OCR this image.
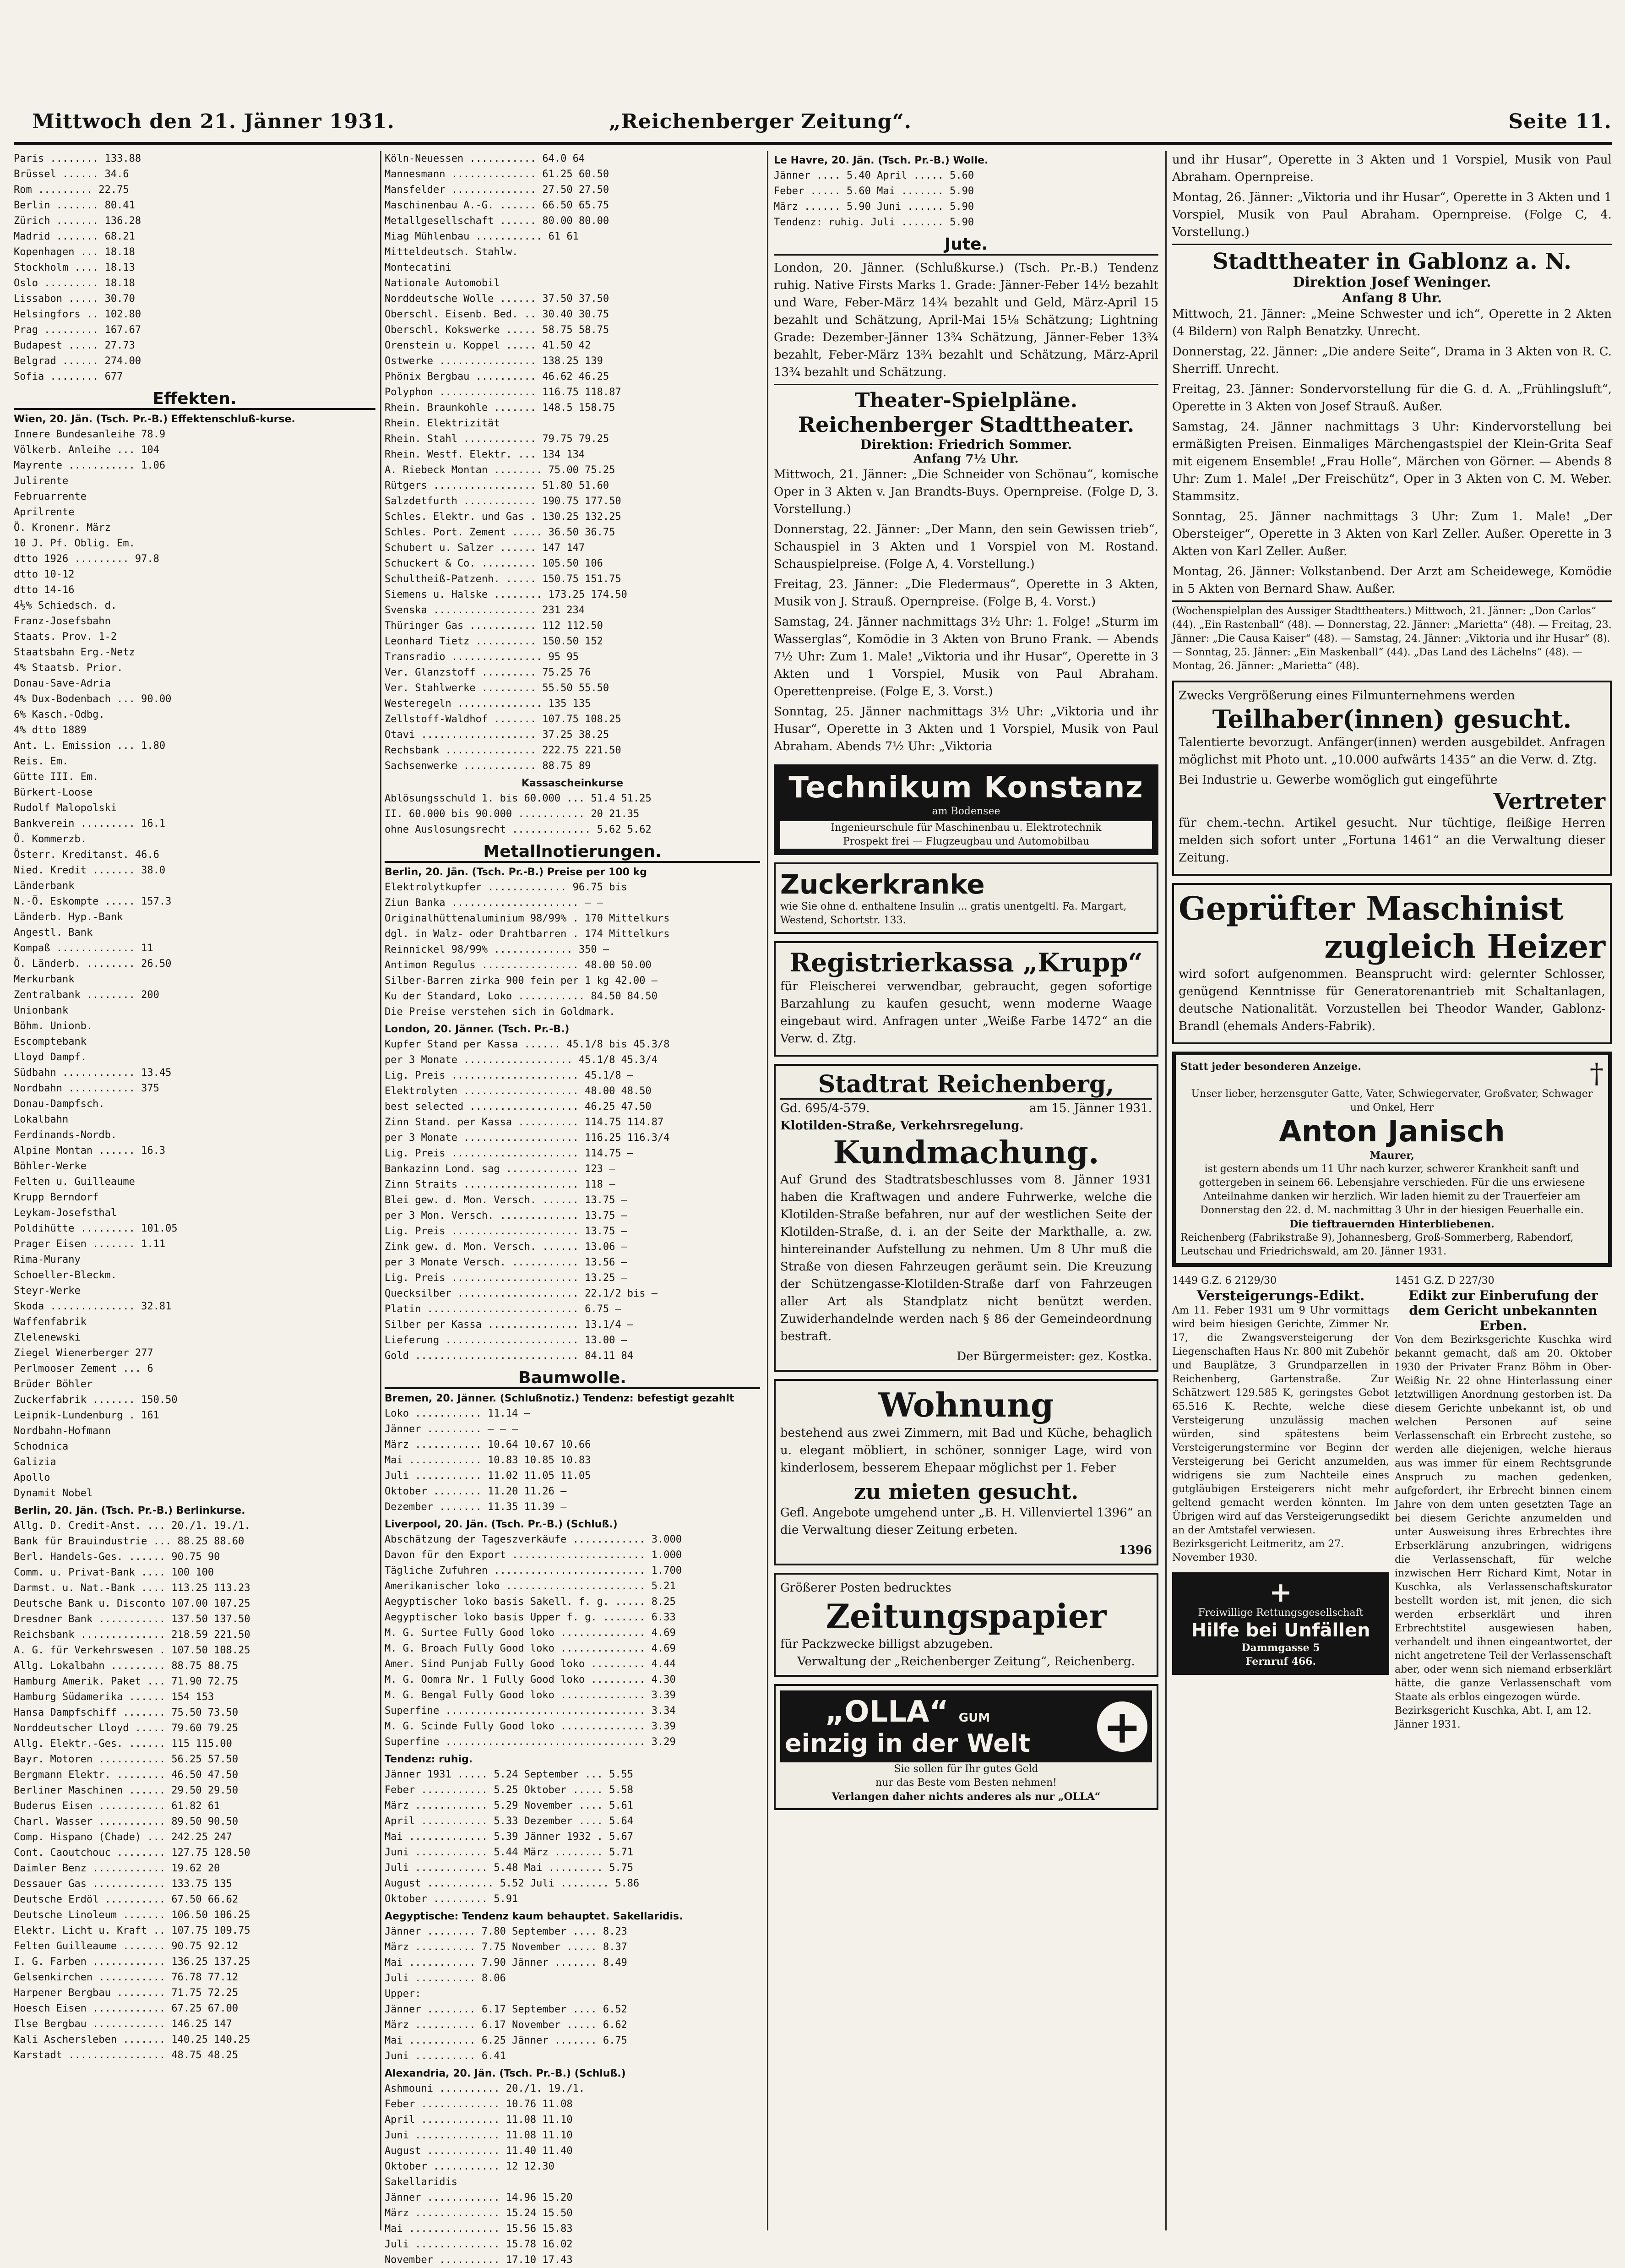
Mittwoch den 21. Jänner 1931.	„Reichenberger Zeitung“.	Seite 11.
Paris ........ 133.88
Brüssel ...... 34.6
Rom ......... 22.75
Berlin ....... 80.41
Zürich ....... 136.28
Madrid ....... 68.21
Kopenhagen ... 18.18
Stockholm .... 18.13
Oslo ......... 18.18
Lissabon ..... 30.70
Helsingfors .. 102.80
Prag ......... 167.67
Budapest ..... 27.73
Belgrad ...... 274.00
Sofia ........ 677
Effekten.
Wien, 20. Jän. (Tsch. Pr.-B.) Effektenschluß-kurse.
Innere Bundesanleihe 78.9
Völkerb. Anleihe ... 104
Mayrente ........... 1.06
Julirente
Februarrente
Aprilrente
Ö. Kronenr. März
10 J. Pf. Oblig. Em.
dtto 1926 ......... 97.8
dtto 10-12
dtto 14-16
4½% Schiedsch. d.
Franz-Josefsbahn
Staats. Prov. 1-2
Staatsbahn Erg.-Netz
4% Staatsb. Prior.
Donau-Save-Adria
4% Dux-Bodenbach ... 90.00
6% Kasch.-Odbg.
4% dtto 1889
Ant. L. Emission ... 1.80
Reis. Em.
Gütte III. Em.
Bürkert-Loose
Rudolf Malopolski
Bankverein ......... 16.1
Ö. Kommerzb.
Österr. Kreditanst. 46.6
Nied. Kredit ....... 38.0
Länderbank
N.-Ö. Eskompte ..... 157.3
Länderb. Hyp.-Bank
Angestl. Bank
Kompaß ............. 11
Ö. Länderb. ........ 26.50
Merkurbank
Zentralbank ........ 200
Unionbank
Böhm. Unionb.
Escomptebank
Lloyd Dampf.
Südbahn ............ 13.45
Nordbahn ........... 375
Donau-Dampfsch.
Lokalbahn
Ferdinands-Nordb.
Alpine Montan ...... 16.3
Böhler-Werke
Felten u. Guilleaume
Krupp Berndorf
Leykam-Josefsthal
Poldihütte ......... 101.05
Prager Eisen ....... 1.11
Rima-Murany
Schoeller-Bleckm.
Steyr-Werke
Skoda .............. 32.81
Waffenfabrik
Zlelenewski
Ziegel Wienerberger 277
Perlmooser Zement ... 6
Brüder Böhler
Zuckerfabrik ....... 150.50
Leipnik-Lundenburg . 161
Nordbahn-Hofmann
Schodnica
Galizia
Apollo
Dynamit Nobel
Berlin, 20. Jän. (Tsch. Pr.-B.) Berlinkurse.
Allg. D. Credit-Anst. ... 20./1. 19./1.
Bank für Brauindustrie ... 88.25 88.60
Berl. Handels-Ges. ...... 90.75 90
Comm. u. Privat-Bank .... 100 100
Darmst. u. Nat.-Bank .... 113.25 113.23
Deutsche Bank u. Disconto 107.00 107.25
Dresdner Bank ........... 137.50 137.50
Reichsbank .............. 218.59 221.50
A. G. für Verkehrswesen . 107.50 108.25
Allg. Lokalbahn ......... 88.75 88.75
Hamburg Amerik. Paket ... 71.90 72.75
Hamburg Südamerika ...... 154 153
Hansa Dampfschiff ....... 75.50 73.50
Norddeutscher Lloyd ..... 79.60 79.25
Allg. Elektr.-Ges. ...... 115 115.00
Bayr. Motoren ........... 56.25 57.50
Bergmann Elektr. ........ 46.50 47.50
Berliner Maschinen ...... 29.50 29.50
Buderus Eisen ........... 61.82 61
Charl. Wasser ........... 89.50 90.50
Comp. Hispano (Chade) ... 242.25 247
Cont. Caoutchouc ........ 127.75 128.50
Daimler Benz ............ 19.62 20
Dessauer Gas ............ 133.75 135
Deutsche Erdöl .......... 67.50 66.62
Deutsche Linoleum ....... 106.50 106.25
Elektr. Licht u. Kraft .. 107.75 109.75
Felten Guilleaume ....... 90.75 92.12
I. G. Farben ............ 136.25 137.25
Gelsenkirchen ........... 76.78 77.12
Harpener Bergbau ........ 71.75 72.25
Hoesch Eisen ............ 67.25 67.00
Ilse Bergbau ............ 146.25 147
Kali Aschersleben ....... 140.25 140.25
Karstadt ................ 48.75 48.25
Köln-Neuessen ........... 64.0 64
Mannesmann .............. 61.25 60.50
Mansfelder .............. 27.50 27.50
Maschinenbau A.-G. ...... 66.50 65.75
Metallgesellschaft ...... 80.00 80.00
Miag Mühlenbau ........... 61 61
Mitteldeutsch. Stahlw.
Montecatini
Nationale Automobil
Norddeutsche Wolle ...... 37.50 37.50
Oberschl. Eisenb. Bed. .. 30.40 30.75
Oberschl. Kokswerke ..... 58.75 58.75
Orenstein u. Koppel ..... 41.50 42
Ostwerke ................ 138.25 139
Phönix Bergbau .......... 46.62 46.25
Polyphon ................ 116.75 118.87
Rhein. Braunkohle ....... 148.5 158.75
Rhein. Elektrizität
Rhein. Stahl ............ 79.75 79.25
Rhein. Westf. Elektr. ... 134 134
A. Riebeck Montan ........ 75.00 75.25
Rütgers ................. 51.80 51.60
Salzdetfurth ............ 190.75 177.50
Schles. Elektr. und Gas . 130.25 132.25
Schles. Port. Zement ..... 36.50 36.75
Schubert u. Salzer ...... 147 147
Schuckert & Co. ......... 105.50 106
Schultheiß-Patzenh. ..... 150.75 151.75
Siemens u. Halske ........ 173.25 174.50
Svenska ................. 231 234
Thüringer Gas ........... 112 112.50
Leonhard Tietz .......... 150.50 152
Transradio ............... 95 95
Ver. Glanzstoff ......... 75.25 76
Ver. Stahlwerke ......... 55.50 55.50
Westeregeln .............. 135 135
Zellstoff-Waldhof ....... 107.75 108.25
Otavi ................... 37.25 38.25
Rechsbank ............... 222.75 221.50
Sachsenwerke ............ 88.75 89
Kassascheinkurse
Ablösungsschuld 1. bis 60.000 ... 51.4 51.25
II. 60.000 bis 90.000 ........... 20 21.35
ohne Auslosungsrecht ............. 5.62 5.62
Metallnotierungen.
Berlin, 20. Jän. (Tsch. Pr.-B.) Preise per 100 kg
Elektrolytkupfer ............. 96.75 bis
Ziun Banka ..................... — —
Originalhüttenaluminium 98/99% . 170 Mittelkurs
dgl. in Walz- oder Drahtbarren . 174 Mittelkurs
Reinnickel 98/99% ............. 350 —
Antimon Regulus ................ 48.00 50.00
Silber-Barren zirka 900 fein per 1 kg 42.00 —
Ku der Standard, Loko ........... 84.50 84.50
Die Preise verstehen sich in Goldmark.
London, 20. Jänner. (Tsch. Pr.-B.)
Kupfer Stand per Kassa ...... 45.1/8 bis 45.3/8
per 3 Monate .................. 45.1/8 45.3/4
Lig. Preis ..................... 45.1/8 —
Elektrolyten ................... 48.00 48.50
best selected .................. 46.25 47.50
Zinn Stand. per Kassa .......... 114.75 114.87
per 3 Monate ................... 116.25 116.3/4
Lig. Preis ..................... 114.75 —
Bankazinn Lond. sag ............ 123 —
Zinn Straits ................... 118 —
Blei gew. d. Mon. Versch. ...... 13.75 —
per 3 Mon. Versch. ............. 13.75 —
Lig. Preis ..................... 13.75 —
Zink gew. d. Mon. Versch. ...... 13.06 —
per 3 Monate Versch. ........... 13.56 —
Lig. Preis ..................... 13.25 —
Quecksilber .................... 22.1/2 bis —
Platin ......................... 6.75 —
Silber per Kassa ............... 13.1/4 —
Lieferung ...................... 13.00 —
Gold ........................... 84.11 84
Baumwolle.
Bremen, 20. Jänner. (Schlußnotiz.) Tendenz: befestigt gezahlt
Loko ........... 11.14 —
Jänner ......... — — —
März ........... 10.64 10.67 10.66
Mai ............ 10.83 10.85 10.83
Juli ........... 11.02 11.05 11.05
Oktober ........ 11.20 11.26 —
Dezember ....... 11.35 11.39 —
Liverpool, 20. Jän. (Tsch. Pr.-B.) (Schluß.)
Abschätzung der Tageszverkäufe ............ 3.000
Davon für den Export ...................... 1.000
Tägliche Zufuhren ......................... 1.700
Amerikanischer loko ....................... 5.21
Aegyptischer loko basis Sakell. f. g. ..... 8.25
Aegyptischer loko basis Upper f. g. ....... 6.33
M. G. Surtee Fully Good loko .............. 4.69
M. G. Broach Fully Good loko .............. 4.69
Amer. Sind Punjab Fully Good loko ......... 4.44
M. G. Oomra Nr. 1 Fully Good loko ......... 4.30
M. G. Bengal Fully Good loko .............. 3.39
Superfine ................................. 3.34
M. G. Scinde Fully Good loko .............. 3.39
Superfine ................................. 3.29
Tendenz: ruhig.
Jänner 1931 ..... 5.24 September ... 5.55
Feber ........... 5.25 Oktober ..... 5.58
März ............ 5.29 November .... 5.61
April ........... 5.33 Dezember .... 5.64
Mai ............. 5.39 Jänner 1932 . 5.67
Juni ............ 5.44 März ........ 5.71
Juli ............ 5.48 Mai ......... 5.75
August ........... 5.52 Juli ........ 5.86
Oktober ......... 5.91
Aegyptische: Tendenz kaum behauptet. Sakellaridis.
Jänner ........ 7.80 September .... 8.23
März .......... 7.75 November ..... 8.37
Mai ........... 7.90 Jänner ....... 8.49
Juli .......... 8.06
Upper:
Jänner ........ 6.17 September .... 6.52
März .......... 6.17 November ..... 6.62
Mai ........... 6.25 Jänner ....... 6.75
Juni .......... 6.41
Alexandria, 20. Jän. (Tsch. Pr.-B.) (Schluß.)
Ashmouni .......... 20./1. 19./1.
Feber ............. 10.76 11.08
April ............. 11.08 11.10
Juni .............. 11.08 11.10
August ............ 11.40 11.40
Oktober ........... 12 12.30
Sakellaridis
Jänner ............ 14.96 15.20
März .............. 15.24 15.50
Mai ............... 15.56 15.83
Juli .............. 15.78 16.02
November .......... 17.10 17.43
Le Havre, 20. Jän. (Tsch. Pr.-B.) Wolle.
Jänner .... 5.40 April ..... 5.60
Feber ..... 5.60 Mai ....... 5.90
März ...... 5.90 Juni ...... 5.90
Tendenz: ruhig. Juli ....... 5.90
Jute.

London, 20. Jänner. (Schlußkurse.) (Tsch. Pr.-B.) Tendenz ruhig. Native Firsts Marks 1. Grade: Jänner-Feber 14½ bezahlt und Ware, Feber-März 14¾ bezahlt und Geld, März-April 15 bezahlt und Schätzung, April-Mai 15⅛ Schätzung; Lightning Grade: Dezember-Jänner 13¾ Schätzung, Jänner-Feber 13¾ bezahlt, Feber-März 13¾ bezahlt und Schätzung, März-April 13¾ bezahlt und Schätzung.

Theater-Spielpläne.
Reichenberger Stadttheater.
Direktion: Friedrich Sommer.
Anfang 7½ Uhr.

Mittwoch, 21. Jänner: „Die Schneider von Schönau“, komische Oper in 3 Akten v. Jan Brandts-Buys. Opernpreise. (Folge D, 3. Vorstellung.)

Donnerstag, 22. Jänner: „Der Mann, den sein Gewissen trieb“, Schauspiel in 3 Akten und 1 Vorspiel von M. Rostand. Schauspielpreise. (Folge A, 4. Vorstellung.)

Freitag, 23. Jänner: „Die Fledermaus“, Operette in 3 Akten, Musik von J. Strauß. Opernpreise. (Folge B, 4. Vorst.)

Samstag, 24. Jänner nachmittags 3½ Uhr: 1. Folge! „Sturm im Wasserglas“, Komödie in 3 Akten von Bruno Frank. — Abends 7½ Uhr: Zum 1. Male! „Viktoria und ihr Husar“, Operette in 3 Akten und 1 Vorspiel, Musik von Paul Abraham. Operettenpreise. (Folge E, 3. Vorst.)

Sonntag, 25. Jänner nachmittags 3½ Uhr: „Viktoria und ihr Husar“, Operette in 3 Akten und 1 Vorspiel, Musik von Paul Abraham. Abends 7½ Uhr: „Viktoria

Technikum Konstanz
am Bodensee
Ingenieurschule für Maschinenbau u. Elektrotechnik
Prospekt frei — Flugzeugbau und Automobilbau
Zuckerkranke
wie Sie ohne d. enthaltene Insulin ... gratis unentgeltl. Fa. Margart, Westend, Schortstr. 133.
Registrierkassa „Krupp“

für Fleischerei verwendbar, gebraucht, gegen sofortige Barzahlung zu kaufen gesucht, wenn moderne Waage eingebaut wird. Anfragen unter „Weiße Farbe 1472“ an die Verw. d. Ztg.

Stadtrat Reichenberg,
Gd. 695/4-579.	am 15. Jänner 1931.
Klotilden-Straße, Verkehrsregelung.
Kundmachung.

Auf Grund des Stadtratsbeschlusses vom 8. Jänner 1931 haben die Kraftwagen und andere Fuhrwerke, welche die Klotilden-Straße befahren, nur auf der westlichen Seite der Klotilden-Straße, d. i. an der Seite der Markthalle, a. zw. hintereinander Aufstellung zu nehmen. Um 8 Uhr muß die Straße von diesen Fahrzeugen geräumt sein. Die Kreuzung der Schützengasse-Klotilden-Straße darf von Fahrzeugen aller Art als Standplatz nicht benützt werden. Zuwiderhandelnde werden nach § 86 der Gemeindeordnung bestraft.

Der Bürgermeister: gez. Kostka.
Wohnung

bestehend aus zwei Zimmern, mit Bad und Küche, behaglich u. elegant möbliert, in schöner, sonniger Lage, wird von kinderlosem, besserem Ehepaar möglichst per 1. Feber

zu mieten gesucht.

Gefl. Angebote umgehend unter „B. H. Villenviertel 1396“ an die Verwaltung dieser Zeitung erbeten.

1396
Größerer Posten bedrucktes
Zeitungspapier
für Packzwecke billigst abzugeben.
Verwaltung der „Reichenberger Zeitung“, Reichenberg.
„OLLA“ GUM
einzig in der Welt +
Sie sollen für Ihr gutes Geld
nur das Beste vom Besten nehmen!
Verlangen daher nichts anderes als nur „OLLA“

und ihr Husar“, Operette in 3 Akten und 1 Vorspiel, Musik von Paul Abraham. Opernpreise.

Montag, 26. Jänner: „Viktoria und ihr Husar“, Operette in 3 Akten und 1 Vorspiel, Musik von Paul Abraham. Opernpreise. (Folge C, 4. Vorstellung.)

Stadttheater in Gablonz a. N.
Direktion Josef Weninger.
Anfang 8 Uhr.

Mittwoch, 21. Jänner: „Meine Schwester und ich“, Operette in 2 Akten (4 Bildern) von Ralph Benatzky. Unrecht.

Donnerstag, 22. Jänner: „Die andere Seite“, Drama in 3 Akten von R. C. Sherriff. Unrecht.

Freitag, 23. Jänner: Sondervorstellung für die G. d. A. „Frühlingsluft“, Operette in 3 Akten von Josef Strauß. Außer.

Samstag, 24. Jänner nachmittags 3 Uhr: Kindervorstellung bei ermäßigten Preisen. Einmaliges Märchengastspiel der Klein-Grita Seaf mit eigenem Ensemble! „Frau Holle“, Märchen von Görner. — Abends 8 Uhr: Zum 1. Male! „Der Freischütz“, Oper in 3 Akten von C. M. Weber. Stammsitz.

Sonntag, 25. Jänner nachmittags 3 Uhr: Zum 1. Male! „Der Obersteiger“, Operette in 3 Akten von Karl Zeller. Außer. Operette in 3 Akten von Karl Zeller. Außer.

Montag, 26. Jänner: Volkstanbend. Der Arzt am Scheidewege, Komödie in 5 Akten von Bernard Shaw. Außer.

(Wochenspielplan des Aussiger Stadttheaters.) Mittwoch, 21. Jänner: „Don Carlos“ (44). „Ein Rastenball“ (48). — Donnerstag, 22. Jänner: „Marietta“ (48). — Freitag, 23. Jänner: „Die Causa Kaiser“ (48). — Samstag, 24. Jänner: „Viktoria und ihr Husar“ (8). — Sonntag, 25. Jänner: „Ein Maskenball“ (44). „Das Land des Lächelns“ (48). — Montag, 26. Jänner: „Marietta“ (48).
Zwecks Vergrößerung eines Filmunternehmens werden
Teilhaber(innen) gesucht.

Talentierte bevorzugt. Anfänger(innen) werden ausgebildet. Anfragen möglichst mit Photo unt. „10.000 aufwärts 1435“ an die Verw. d. Ztg.

Bei Industrie u. Gewerbe womöglich gut eingeführte
Vertreter

für chem.-techn. Artikel gesucht. Nur tüchtige, fleißige Herren melden sich sofort unter „Fortuna 1461“ an die Verwaltung dieser Zeitung.

Geprüfter Maschinist
zugleich Heizer

wird sofort aufgenommen. Beansprucht wird: gelernter Schlosser, genügend Kenntnisse für Generatorenantrieb mit Schaltanlagen, deutsche Nationalität. Vorzustellen bei Theodor Wander, Gablonz-Brandl (ehemals Anders-Fabrik).

Statt jeder besonderen Anzeige.	†
Unser lieber, herzensguter Gatte, Vater, Schwiegervater, Großvater, Schwager und Onkel, Herr
Anton Janisch
Maurer,
ist gestern abends um 11 Uhr nach kurzer, schwerer Krankheit sanft und gottergeben in seinem 66. Lebensjahre verschieden. Für die uns erwiesene Anteilnahme danken wir herzlich. Wir laden hiemit zu der Trauerfeier am Donnerstag den 22. d. M. nachmittag 3 Uhr in der hiesigen Feuerhalle ein.
Die tieftrauernden Hinterbliebenen.
Reichenberg (Fabrikstraße 9), Johannesberg, Groß-Sommerberg, Rabendorf, Leutschau und Friedrichswald, am 20. Jänner 1931.
1449 G.Z. 6 2129/30
Versteigerungs-Edikt.
Am 11. Feber 1931 um 9 Uhr vormittags wird beim hiesigen Gerichte, Zimmer Nr. 17, die Zwangsversteigerung der Liegenschaften Haus Nr. 800 mit Zubehör und Bauplätze, 3 Grundparzellen in Reichenberg, Gartenstraße. Zur Schätzwert 129.585 K, geringstes Gebot 65.516 K. Rechte, welche diese Versteigerung unzulässig machen würden, sind spätestens beim Versteigerungstermine vor Beginn der Versteigerung bei Gericht anzumelden, widrigens sie zum Nachteile eines gutgläubigen Ersteigerers nicht mehr geltend gemacht werden könnten. Im Übrigen wird auf das Versteigerungsedikt an der Amtstafel verwiesen.
Bezirksgericht Leitmeritz, am 27. November 1930.
+
Freiwillige Rettungsgesellschaft
Hilfe bei Unfällen
Dammgasse 5
Fernruf 466.
1451 G.Z. D 227/30
Edikt zur Einberufung der dem Gericht unbekannten Erben.
Von dem Bezirksgerichte Kuschka wird bekannt gemacht, daß am 20. Oktober 1930 der Privater Franz Böhm in Ober-Weißig Nr. 22 ohne Hinterlassung einer letztwilligen Anordnung gestorben ist. Da diesem Gerichte unbekannt ist, ob und welchen Personen auf seine Verlassenschaft ein Erbrecht zustehe, so werden alle diejenigen, welche hieraus aus was immer für einem Rechtsgrunde Anspruch zu machen gedenken, aufgefordert, ihr Erbrecht binnen einem Jahre von dem unten gesetzten Tage an bei diesem Gerichte anzumelden und unter Ausweisung ihres Erbrechtes ihre Erbserklärung anzubringen, widrigens die Verlassenschaft, für welche inzwischen Herr Richard Kimt, Notar in Kuschka, als Verlassenschaftskurator bestellt worden ist, mit jenen, die sich werden erbserklärt und ihren Erbrechtstitel ausgewiesen haben, verhandelt und ihnen eingeantwortet, der nicht angetretene Teil der Verlassenschaft aber, oder wenn sich niemand erbserklärt hätte, die ganze Verlassenschaft vom Staate als erblos eingezogen würde.
Bezirksgericht Kuschka, Abt. I, am 12. Jänner 1931.
